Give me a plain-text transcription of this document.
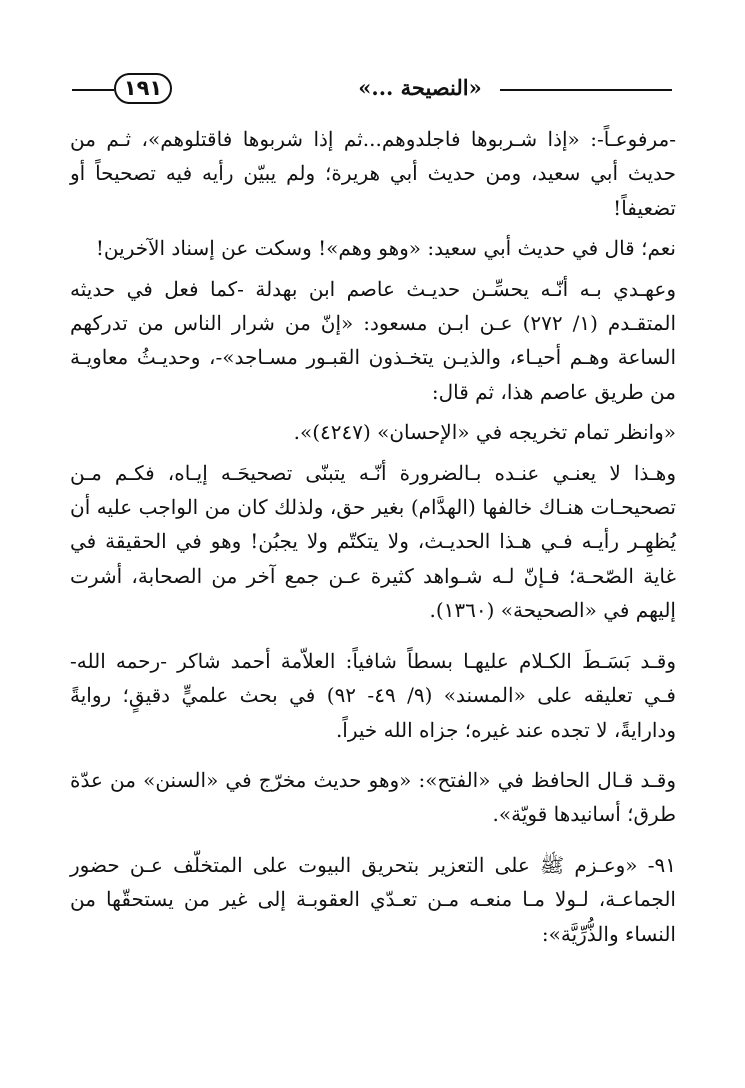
١٩١	«النصيحة ...»

-مرفوعـاً-: «إذا شـربوها فاجلدوهم...ثم إذا شربوها فاقتلوهم»، ثـم من حديث أبي سعيد، ومن حديث أبي هريرة؛ ولم يبيّن رأيه فيه تصحيحاً أو تضعيفاً!

نعم؛ قال في حديث أبي سعيد: «وهو وهم»! وسكت عن إسناد الآخرين!

وعهـدي بـه أنّـه يحسِّـن حديـث عاصم ابن بهدلة -كما فعل في حديثه المتقـدم (١/ ٢٧٢) عـن ابـن مسعود: «إنّ من شرار الناس من تدركهم الساعة وهـم أحيـاء، والذيـن يتخـذون القبـور مسـاجد»-، وحديـثُ معاويـة من طريق عاصم هذا، ثم قال:

«وانظر تمام تخريجه في «الإحسان» (٤٢٤٧)».

وهـذا لا يعنـي عنـده بـالضرورة أنّـه يتبنّى تصحيحَـه إيـاه، فكـم مـن تصحيحـات هنـاك خالفها (الهدَّام) بغير حق، ولذلك كان من الواجب عليه أن يُظهِـر رأيـه فـي هـذا الحديـث، ولا يتكتّم ولا يجبُن! وهو في الحقيقة في غاية الصّحـة؛ فـإنّ لـه شـواهد كثيرة عـن جمع آخر من الصحابة، أشرت إليهم في «الصحيحة» (١٣٦٠).

وقـد بَسَـطَ الكـلام عليهـا بسطاً شافياً: العلاّمة أحمد شاكر -رحمه الله- فـي تعليقه على «المسند» (٩/ ٤٩- ٩٢) في بحث علميٍّ دقيقٍ؛ روايةً ودارايةً، لا تجده عند غيره؛ جزاه الله خيراً.

وقـد قـال الحافظ في «الفتح»: «وهو حديث مخرّج في «السنن» من عدّة طرق؛ أسانيدها قويّة».

٩١- «وعـزم ﷺ على التعزير بتحريق البيوت على المتخلّف عـن حضور الجماعـة، لـولا مـا منعـه مـن تعـدّي العقوبـة إلى غير من يستحقّها من النساء والذُّرِّيَّة»:
